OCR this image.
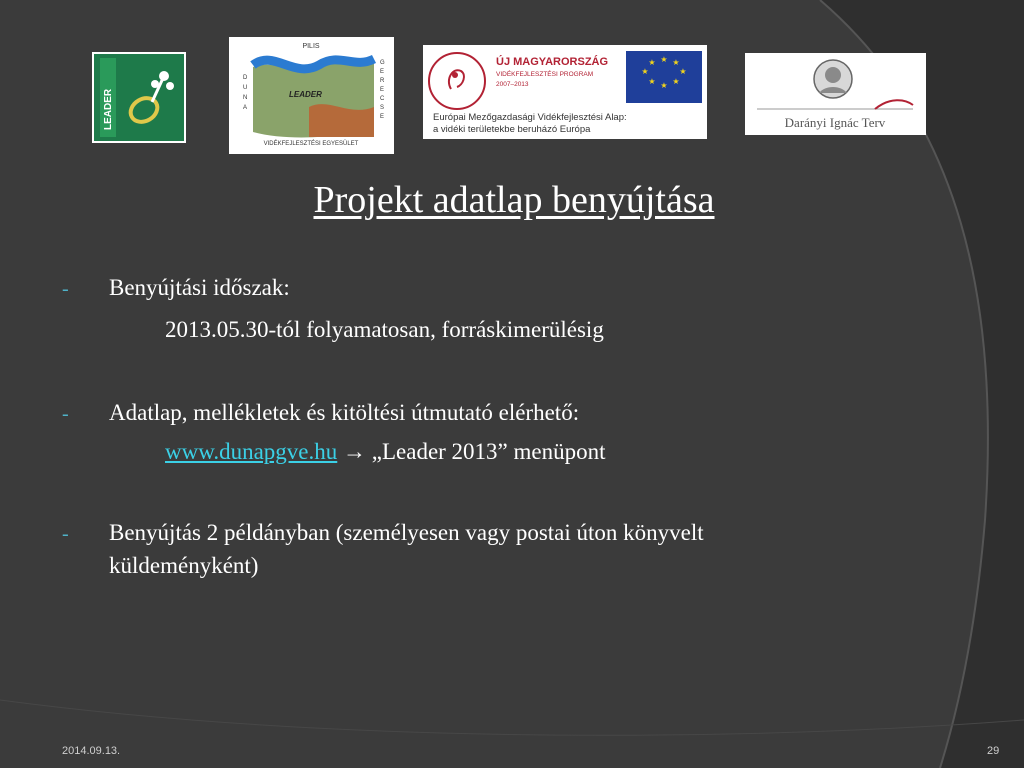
LEADER
PILIS
LEADER
D U N A
G E R E C S E
VIDÉKFEJLESZTÉSI EGYESÜLET
ÚJ MAGYARORSZÁG
VIDÉKFEJLESZTÉSI PROGRAM
2007–2013
★ ★
★
★
★
★
★
★
Európai Mezőgazdasági Vidékfejlesztési Alap:
a vidéki területekbe beruházó Európa	Darányi Ignác Terv
Projekt adatlap benyújtása
- Benyújtási időszak:
2013.05.30-tól folyamatosan, forráskimerülésig
- Adatlap, mellékletek és kitöltési útmutató elérhető:
www.dunapgve.hu → „Leader 2013” menüpont
- Benyújtás 2 példányban (személyesen vagy postai úton könyvelt
küldeményként)
2014.09.13.	29
